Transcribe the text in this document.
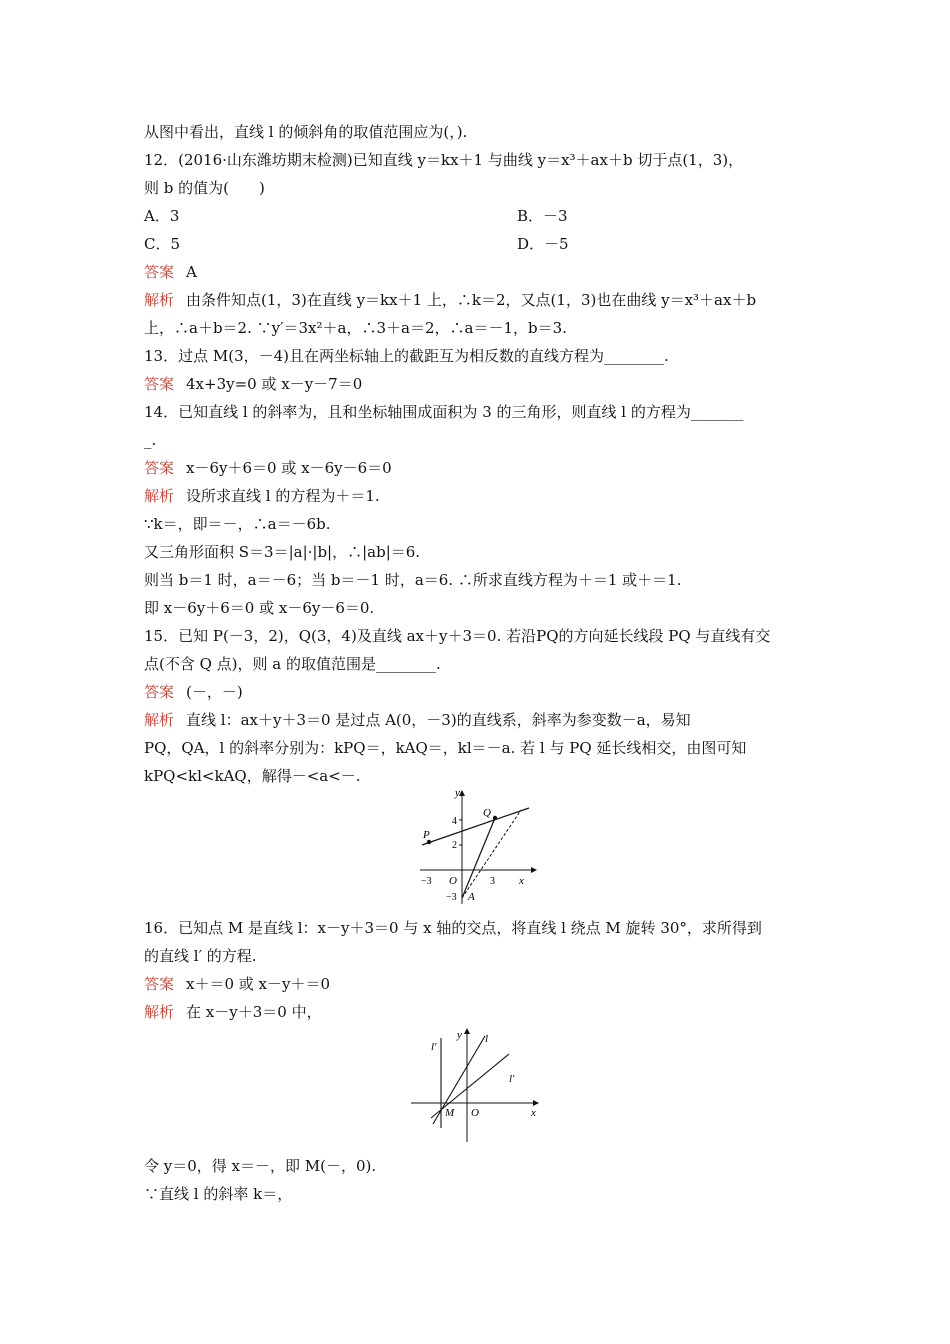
从图中看出，直线 l 的倾斜角的取值范围应为(，).
12．(2016·山东潍坊期末检测)已知直线 y＝kx＋1 与曲线 y＝x³＋ax＋b 切于点(1，3)，
则 b 的值为(　　)
A．3	B．－3
C．5	D．－5
答案 A
解析 由条件知点(1，3)在直线 y＝kx＋1 上，∴k＝2，又点(1，3)也在曲线 y＝x³＋ax＋b
上，∴a＋b＝2. ∵y′＝3x²＋a，∴3＋a＝2，∴a＝－1，b＝3.
13．过点 M(3，－4)且在两坐标轴上的截距互为相反数的直线方程为________.
答案 4x+3y=0 或 x－y－7＝0
14．已知直线 l 的斜率为，且和坐标轴围成面积为 3 的三角形，则直线 l 的方程为_______
_.
答案 x－6y＋6＝0 或 x－6y－6＝0
解析 设所求直线 l 的方程为＋＝1.
∵k＝，即＝－，∴a＝－6b.
又三角形面积 S＝3＝|a|·|b|，∴|ab|＝6.
则当 b＝1 时，a＝－6；当 b＝－1 时，a＝6. ∴所求直线方程为＋＝1 或＋＝1.
即 x－6y＋6＝0 或 x－6y－6＝0.
15．已知 P(－3，2)，Q(3，4)及直线 ax＋y＋3＝0. 若沿PQ的方向延长线段 PQ 与直线有交
点(不含 Q 点)，则 a 的取值范围是________.
答案 (－，－)
解析 直线 l：ax＋y＋3＝0 是过点 A(0，－3)的直线系，斜率为参变数－a，易知
PQ，QA，l 的斜率分别为：kPQ＝，kAQ＝，kl＝－a. 若 l 与 PQ 延长线相交，由图可知
kPQ<kl<kAQ，解得－<a<－.
y
x
P
Q
O
A
4
2
−3	3
−3
16．已知点 M 是直线 l：x－y＋3＝0 与 x 轴的交点，将直线 l 绕点 M 旋转 30°，求所得到
的直线 l′ 的方程.
答案 x＋＝0 或 x－y＋＝0
解析 在 x－y＋3＝0 中，
y
x
l
l′
l′
M O
令 y＝0，得 x＝－，即 M(－，0).
∵直线 l 的斜率 k＝，
